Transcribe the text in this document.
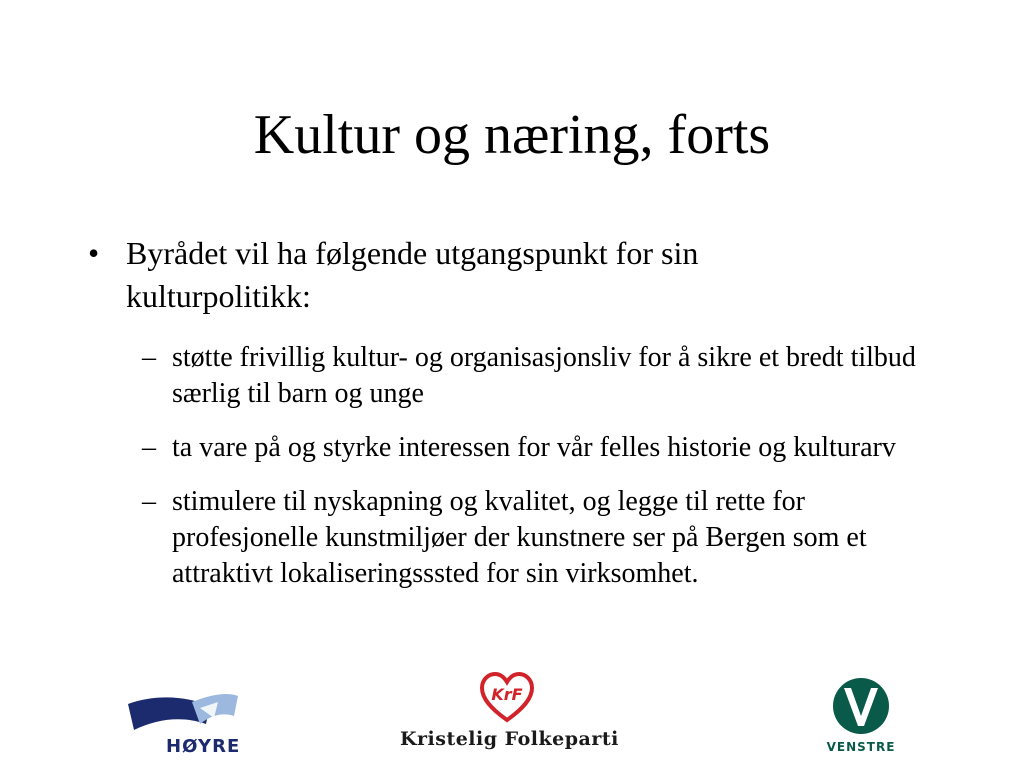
Kultur og næring, forts
• Byrådet vil ha følgende utgangspunkt for sin kulturpolitikk:
– støtte frivillig kultur- og organisasjonsliv for å sikre et bredt tilbud særlig til barn og unge
– ta vare på og styrke interessen for vår felles historie og kulturarv
– stimulere til nyskapning og kvalitet, og legge til rette for profesjonelle kunstmiljøer der kunstnere ser på Bergen som et attraktivt lokaliseringsssted for sin virksomhet.
HØYRE
KrF
Kristelig Folkeparti	VENSTRE
